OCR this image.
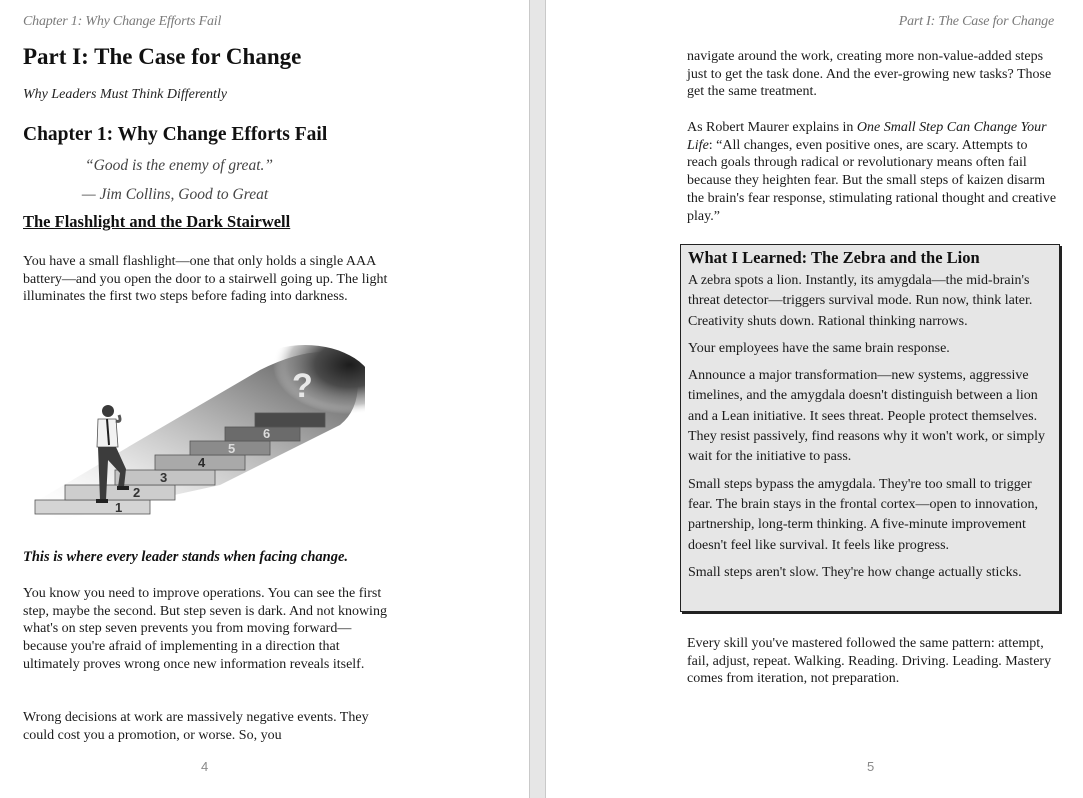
Chapter 1: Why Change Efforts Fail
Part I: The Case for Change
Why Leaders Must Think Differently
Chapter 1: Why Change Efforts Fail

“Good is the enemy of great.”

— Jim Collins, Good to Great

The Flashlight and the Dark Stairwell

You have a small flashlight—one that only holds a single AAA battery—and you open the door to a stairwell going up. The light illuminates the first two steps before fading into darkness.

This is where every leader stands when facing change.

You know you need to improve operations. You can see the first step, maybe the second. But step seven is dark. And not knowing what's on step seven prevents you from moving forward—because you're afraid of implementing in a direction that ultimately proves wrong once new information reveals itself.

Wrong decisions at work are massively negative events. They could cost you a promotion, or worse. So, you

1
2
3
4
5
6
?
4
Part I: The Case for Change

navigate around the work, creating more non-value-added steps just to get the task done. And the ever-growing new tasks? Those get the same treatment.

As Robert Maurer explains in One Small Step Can Change Your Life: “All changes, even positive ones, are scary. Attempts to reach goals through radical or revolutionary means often fail because they heighten fear. But the small steps of kaizen disarm the brain's fear response, stimulating rational thought and creative play.”

Every skill you've mastered followed the same pattern: attempt, fail, adjust, repeat. Walking. Reading. Driving. Leading. Mastery comes from iteration, not preparation.

What I Learned: The Zebra and the Lion

A zebra spots a lion. Instantly, its amygdala—the mid-brain's threat detector—triggers survival mode. Run now, think later. Creativity shuts down. Rational thinking narrows.

Your employees have the same brain response.

Announce a major transformation—new systems, aggressive timelines, and the amygdala doesn't distinguish between a lion and a Lean initiative. It sees threat. People protect themselves. They resist passively, find reasons why it won't work, or simply wait for the initiative to pass.

Small steps bypass the amygdala. They're too small to trigger fear. The brain stays in the frontal cortex—open to innovation, partnership, long-term thinking. A five-minute improvement doesn't feel like survival. It feels like progress.

Small steps aren't slow. They're how change actually sticks.

5
